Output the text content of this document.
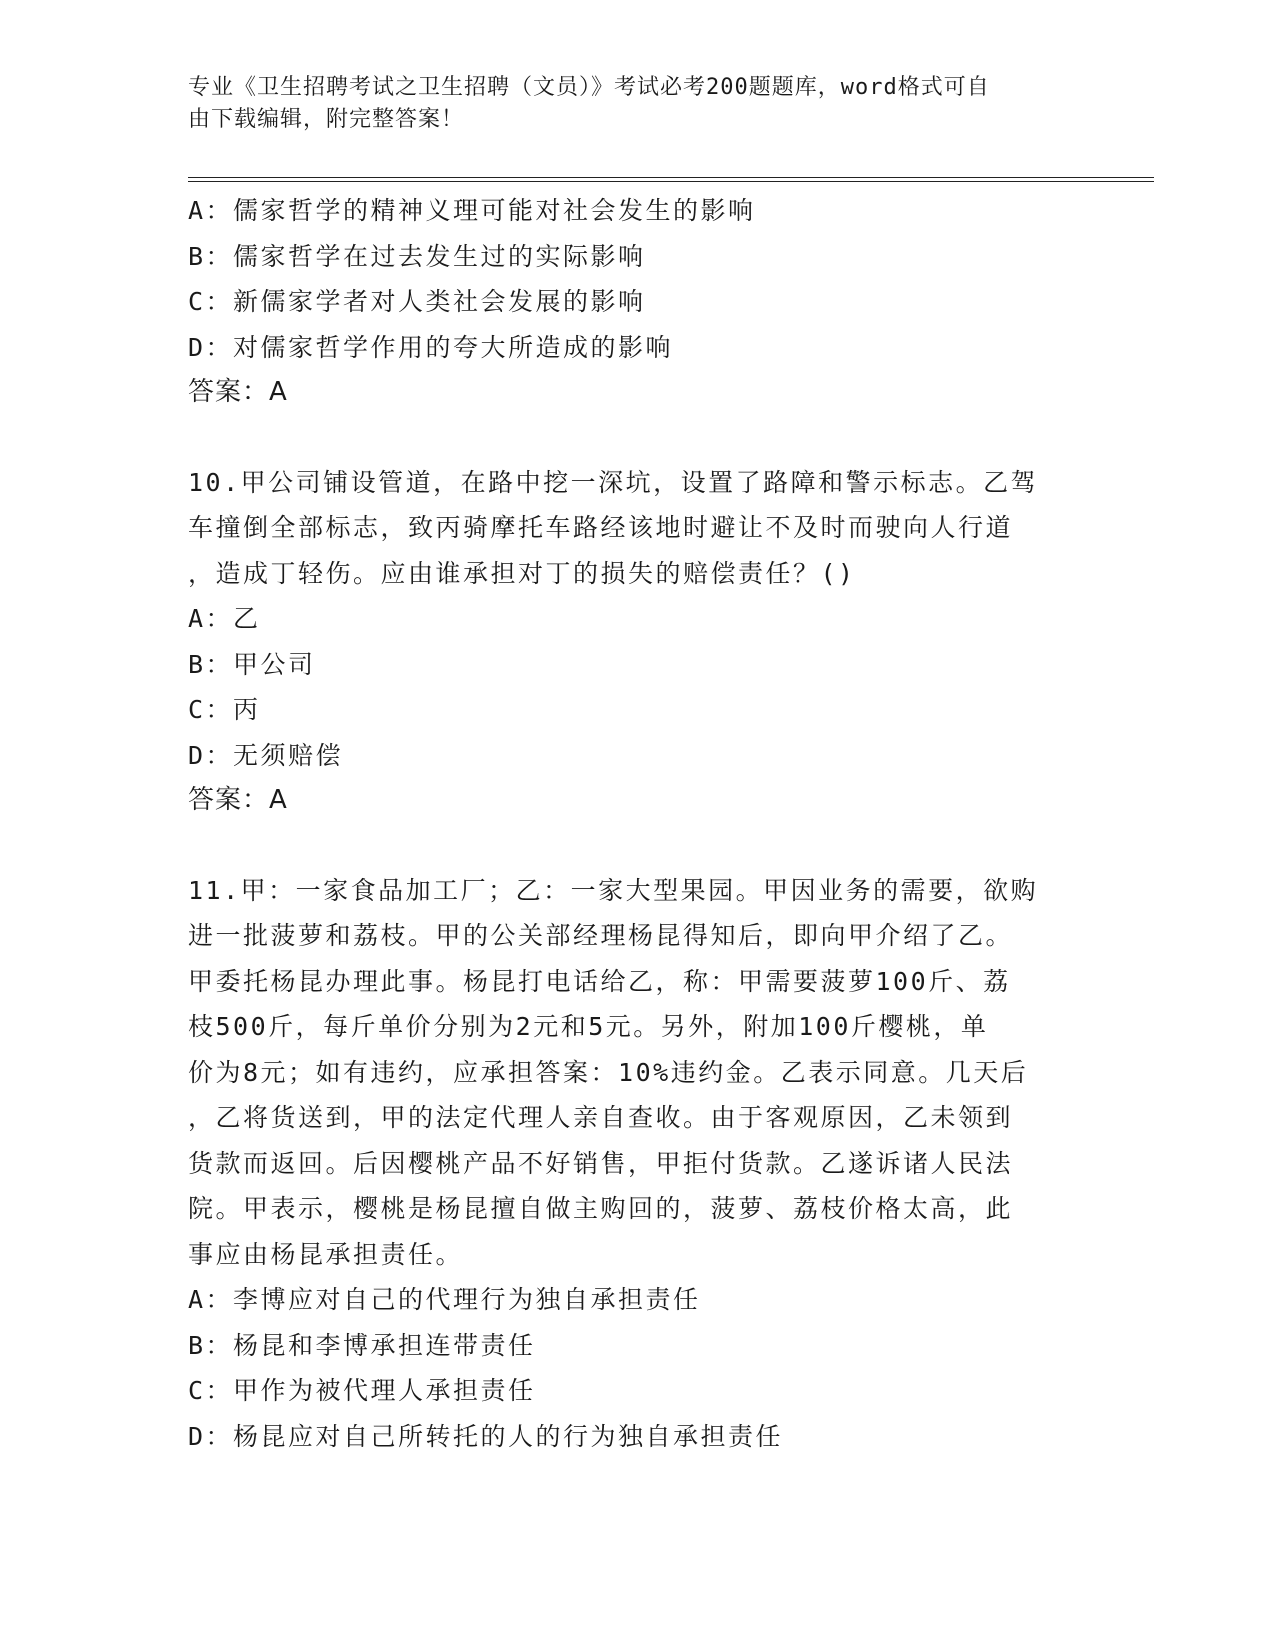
专业《卫生招聘考试之卫生招聘（文员）》考试必考200题题库，word格式可自
由下载编辑，附完整答案！
A：儒家哲学的精神义理可能对社会发生的影响
B：儒家哲学在过去发生过的实际影响
C：新儒家学者对人类社会发展的影响
D：对儒家哲学作用的夸大所造成的影响
答案：A
10.甲公司铺设管道，在路中挖一深坑，设置了路障和警示标志。乙驾
车撞倒全部标志，致丙骑摩托车路经该地时避让不及时而驶向人行道
，造成丁轻伤。应由谁承担对丁的损失的赔偿责任？()
A：乙
B：甲公司
C：丙
D：无须赔偿
答案：A
11.甲：一家食品加工厂；乙：一家大型果园。甲因业务的需要，欲购
进一批菠萝和荔枝。甲的公关部经理杨昆得知后，即向甲介绍了乙。
甲委托杨昆办理此事。杨昆打电话给乙，称：甲需要菠萝100斤、荔
枝500斤，每斤单价分别为2元和5元。另外，附加100斤樱桃，单
价为8元；如有违约，应承担答案：10%违约金。乙表示同意。几天后
，乙将货送到，甲的法定代理人亲自查收。由于客观原因，乙未领到
货款而返回。后因樱桃产品不好销售，甲拒付货款。乙遂诉诸人民法
院。甲表示，樱桃是杨昆擅自做主购回的，菠萝、荔枝价格太高，此
事应由杨昆承担责任。
A：李博应对自己的代理行为独自承担责任
B：杨昆和李博承担连带责任
C：甲作为被代理人承担责任
D：杨昆应对自己所转托的人的行为独自承担责任
